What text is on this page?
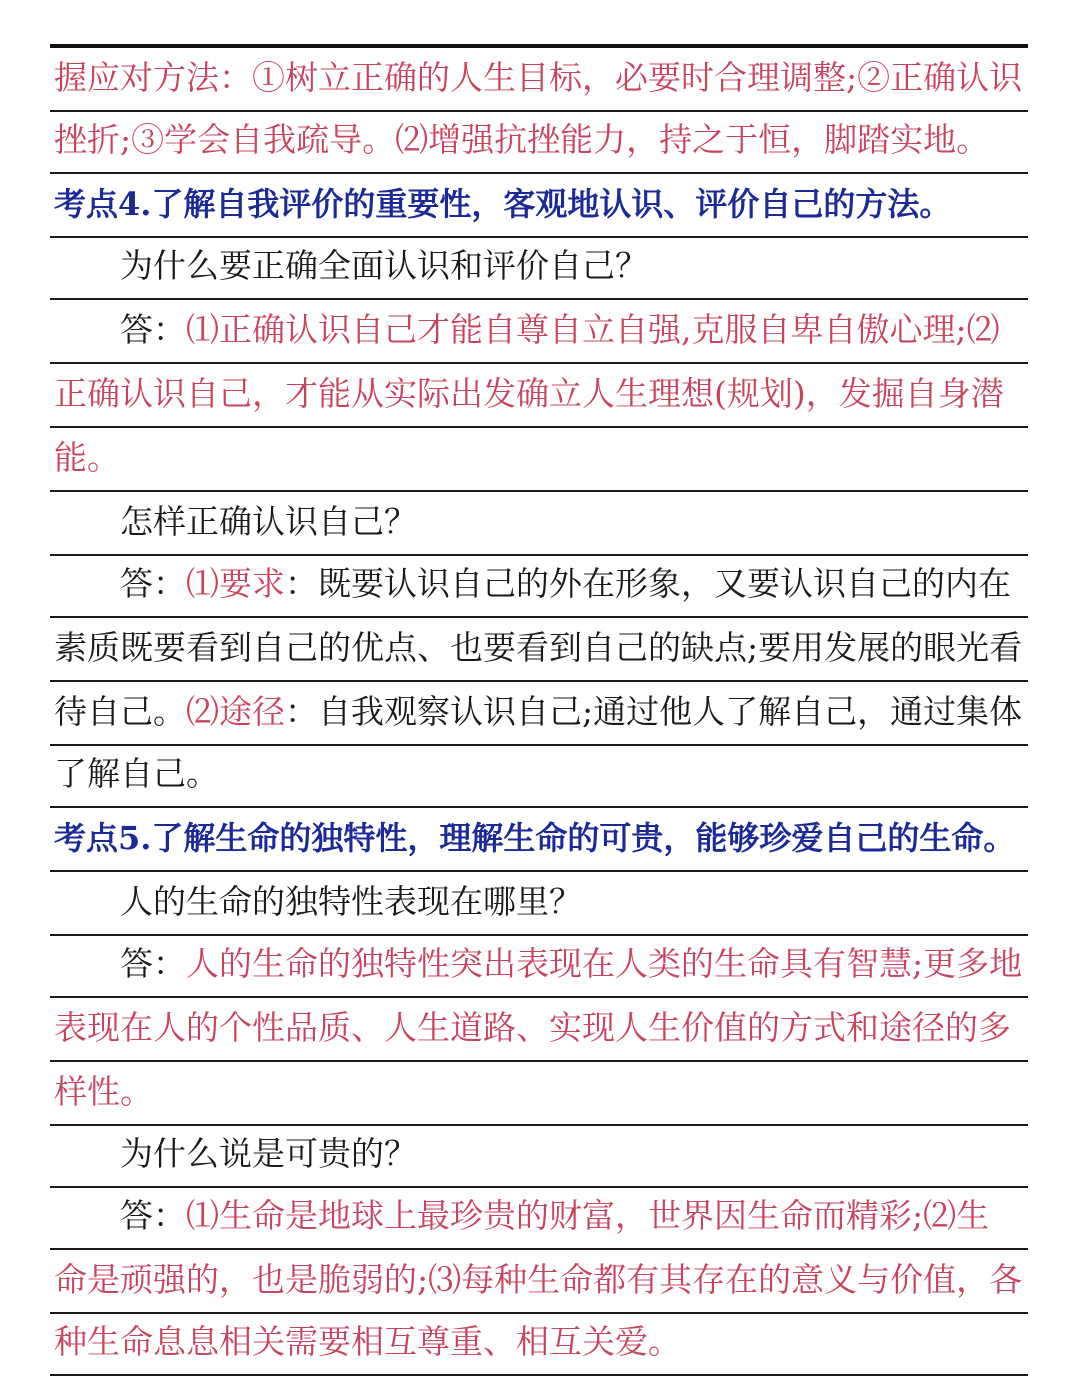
握应对方法：①树立正确的人生目标，必要时合理调整;②正确认识
挫折;③学会自我疏导。⑵增强抗挫能力，持之于恒，脚踏实地。
考点4.了解自我评价的重要性，客观地认识、评价自己的方法。
为什么要正确全面认识和评价自己？
答：⑴正确认识自己才能自尊自立自强,克服自卑自傲心理;⑵
正确认识自己，才能从实际出发确立人生理想(规划)，发掘自身潜
能。
怎样正确认识自己？
答：⑴要求：既要认识自己的外在形象，又要认识自己的内在
素质既要看到自己的优点、也要看到自己的缺点;要用发展的眼光看
待自己。⑵途径：自我观察认识自己;通过他人了解自己，通过集体
了解自己。
考点5.了解生命的独特性，理解生命的可贵，能够珍爱自己的生命。
人的生命的独特性表现在哪里？
答：人的生命的独特性突出表现在人类的生命具有智慧;更多地
表现在人的个性品质、人生道路、实现人生价值的方式和途径的多
样性。
为什么说是可贵的？
答：⑴生命是地球上最珍贵的财富，世界因生命而精彩;⑵生
命是顽强的，也是脆弱的;⑶每种生命都有其存在的意义与价值，各
种生命息息相关需要相互尊重、相互关爱。
